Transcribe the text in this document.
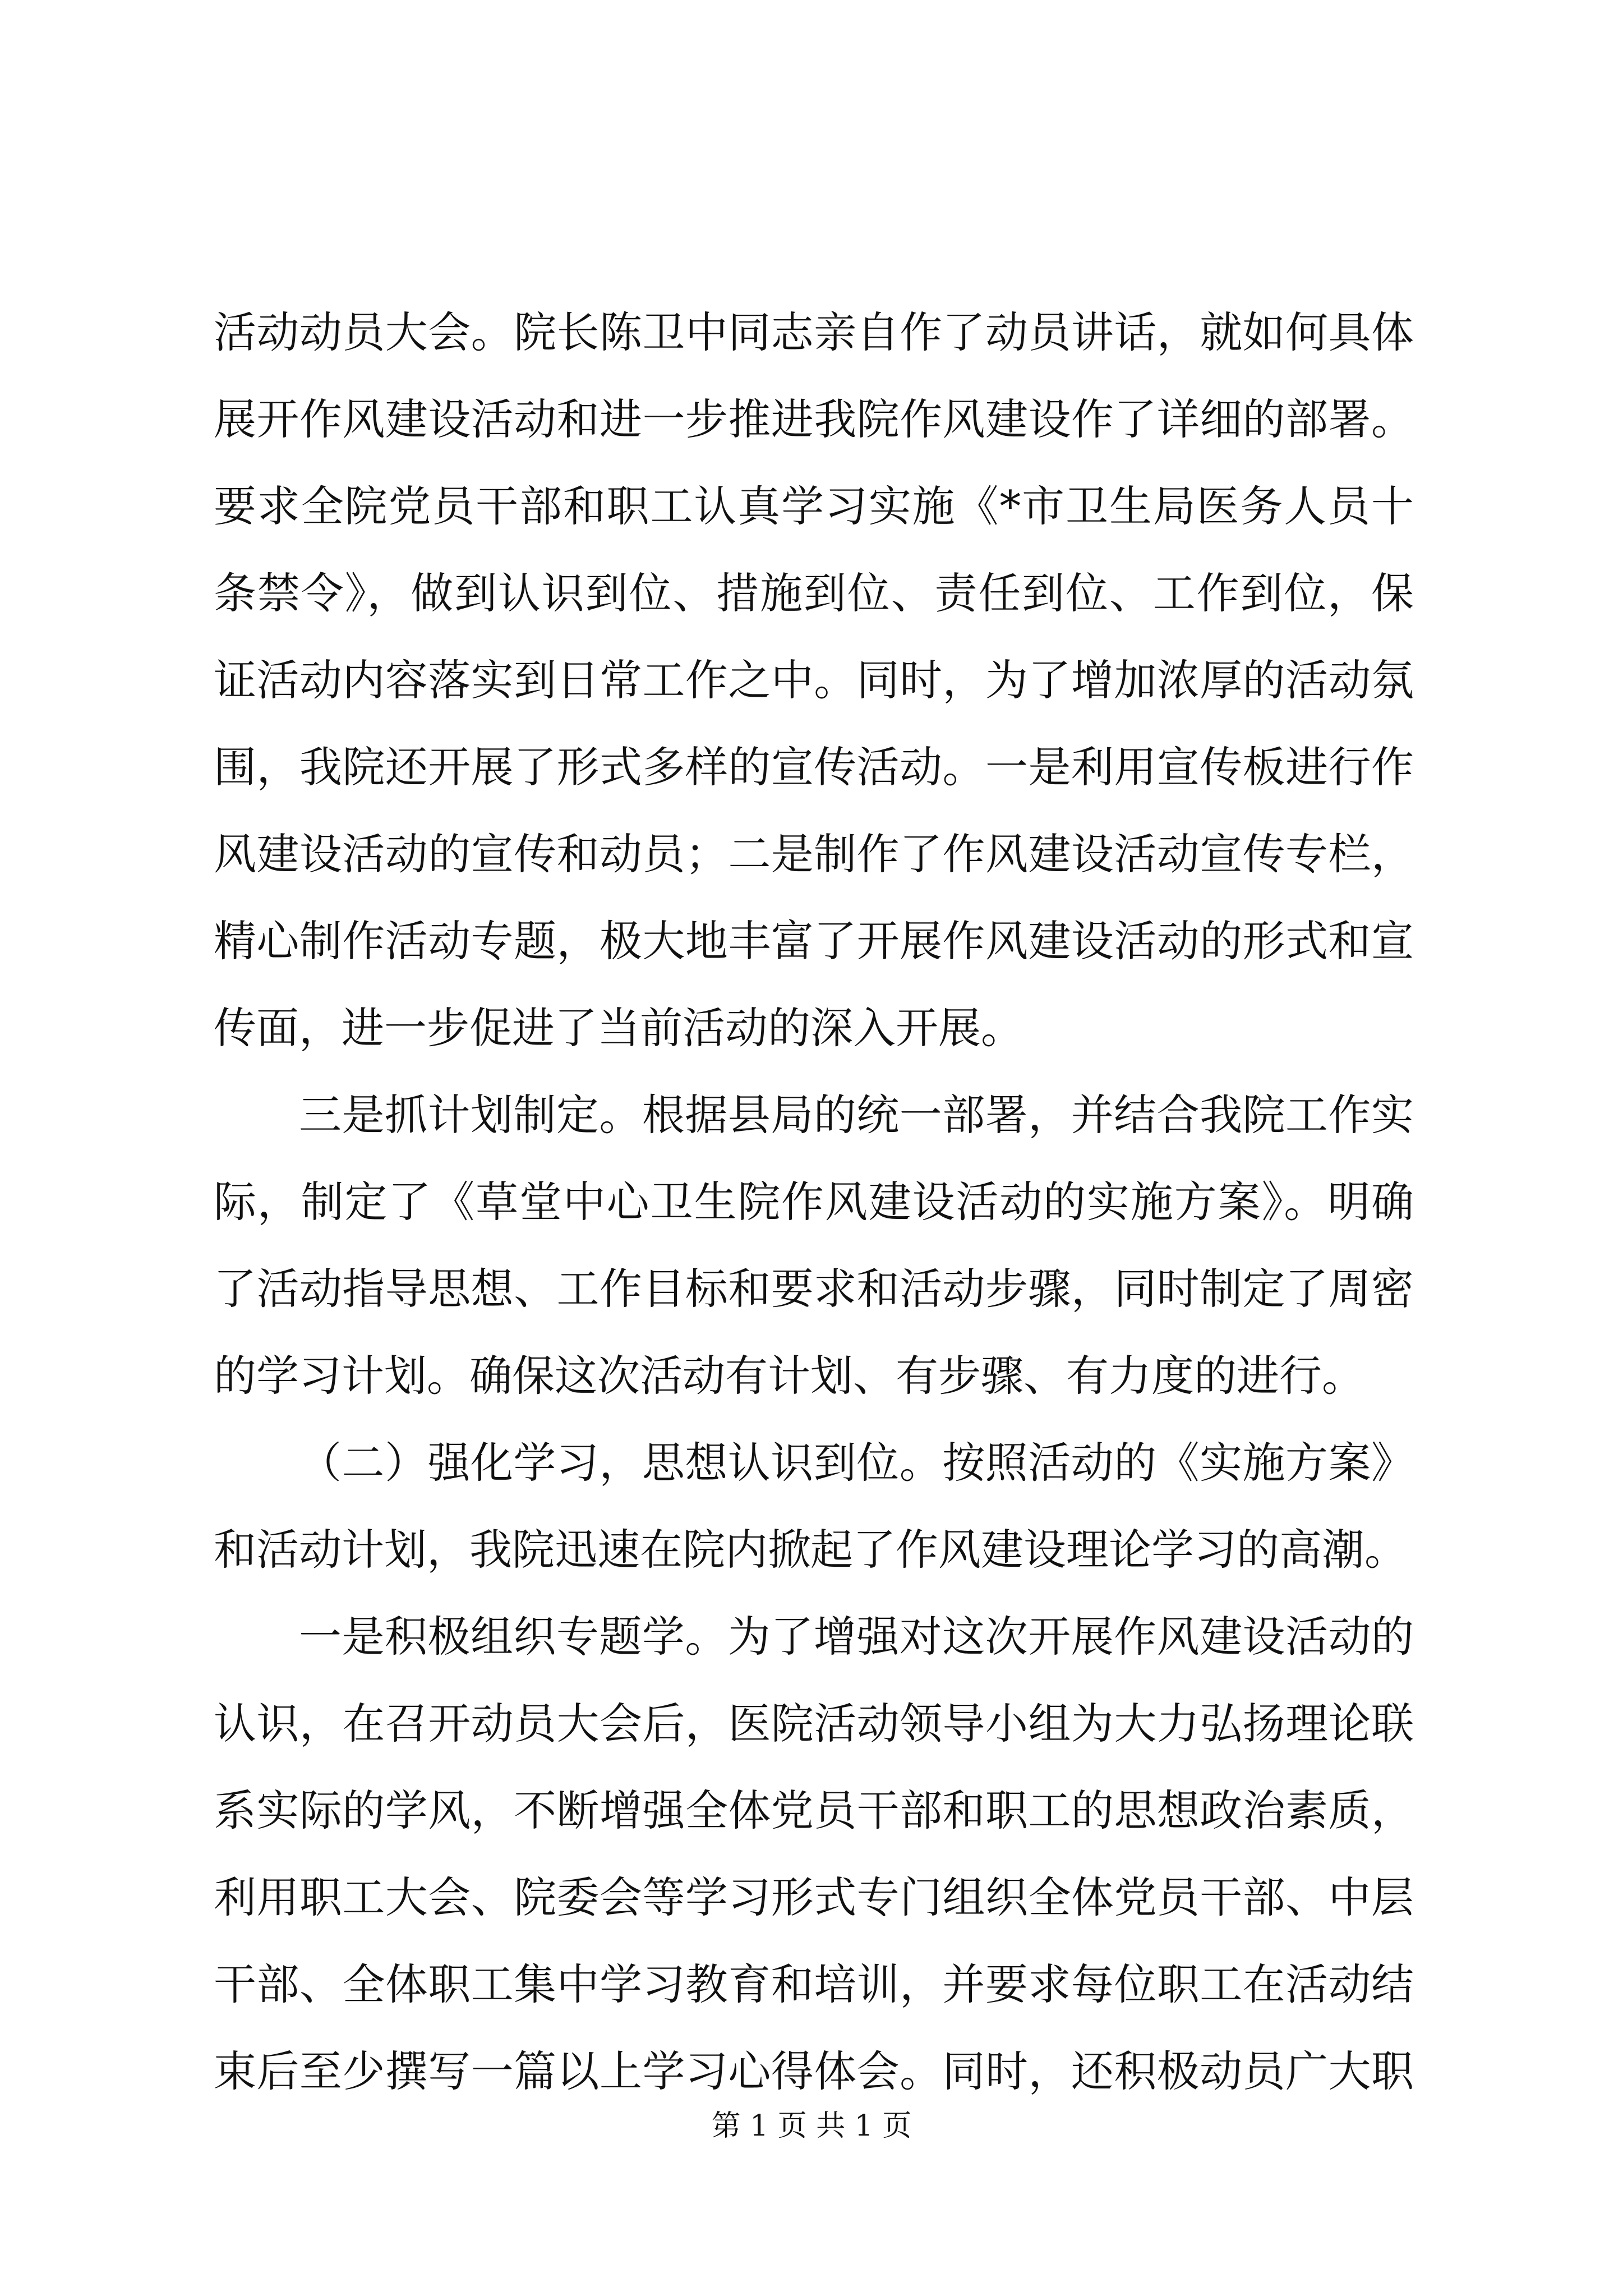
活动动员大会。院长陈卫中同志亲自作了动员讲话，就如何具体
展开作风建设活动和进一步推进我院作风建设作了详细的部署。
要求全院党员干部和职工认真学习实施《*市卫生局医务人员十
条禁令》，做到认识到位、措施到位、责任到位、工作到位，保
证活动内容落实到日常工作之中。同时，为了增加浓厚的活动氛
围，我院还开展了形式多样的宣传活动。一是利用宣传板进行作
风建设活动的宣传和动员；二是制作了作风建设活动宣传专栏，
精心制作活动专题，极大地丰富了开展作风建设活动的形式和宣
传面，进一步促进了当前活动的深入开展。
三是抓计划制定。根据县局的统一部署，并结合我院工作实
际，制定了《草堂中心卫生院作风建设活动的实施方案》。明确
了活动指导思想、工作目标和要求和活动步骤，同时制定了周密
的学习计划。确保这次活动有计划、有步骤、有力度的进行。
（二）强化学习，思想认识到位。按照活动的《实施方案》
和活动计划，我院迅速在院内掀起了作风建设理论学习的高潮。
一是积极组织专题学。为了增强对这次开展作风建设活动的
认识，在召开动员大会后，医院活动领导小组为大力弘扬理论联
系实际的学风，不断增强全体党员干部和职工的思想政治素质，
利用职工大会、院委会等学习形式专门组织全体党员干部、中层
干部、全体职工集中学习教育和培训，并要求每位职工在活动结
束后至少撰写一篇以上学习心得体会。同时，还积极动员广大职
第 1 页 共 1 页
